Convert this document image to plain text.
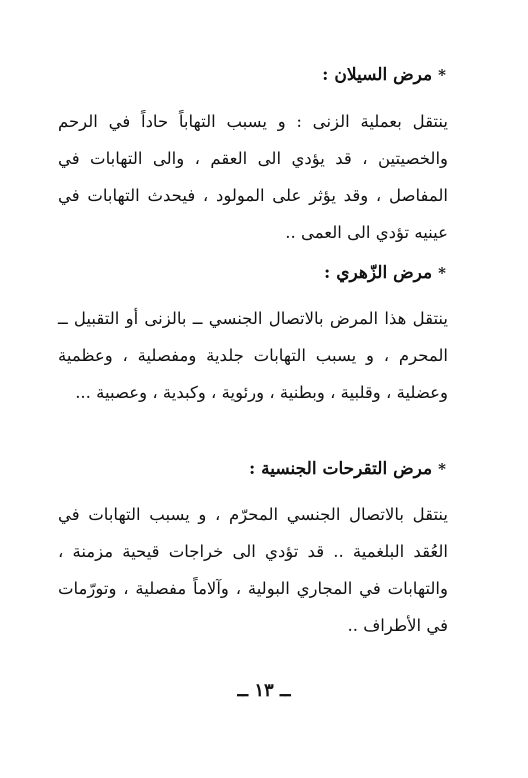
*مرض السيلان :
ينتقل بعملية الزنى : و يسبب التهاباً حاداً في الرحم والخصيتين ، قد يؤدي الى العقم ، والى التهابات في المفاصل ، وقد يؤثر على المولود ، فيحدث التهابات في عينيه تؤدي الى العمى ..
*مرض الزّهري :
ينتقل هذا المرض بالاتصال الجنسي ــ بالزنى أو التقبيل ــ المحرم ، و يسبب التهابات جلدية ومفصلية ، وعظمية وعضلية ، وقلبية ، وبطنية ، ورئوية ، وكبدية ، وعصبية ...
*مرض التقرحات الجنسية :
ينتقل بالاتصال الجنسي المحرّم ، و يسبب التهابات في العُقد البلغمية .. قد تؤدي الى خراجات قيحية مزمنة ، والتهابات في المجاري البولية ، وآلاماً مفصلية ، وتورّمات في الأطراف ..
ــ ١٣ ــ
